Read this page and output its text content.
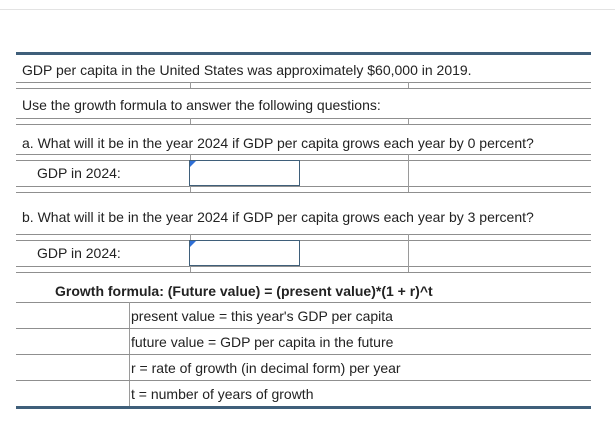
GDP per capita in the United States was approximately $60,000 in 2019.
Use the growth formula to answer the following questions:
a. What will it be in the year 2024 if GDP per capita grows each year by 0 percent?
GDP in 2024:
b. What will it be in the year 2024 if GDP per capita grows each year by 3 percent?
GDP in 2024:
Growth formula: (Future value) = (present value)*(1 + r)^t
present value = this year's GDP per capita
future value = GDP per capita in the future
r = rate of growth (in decimal form) per year
t = number of years of growth
